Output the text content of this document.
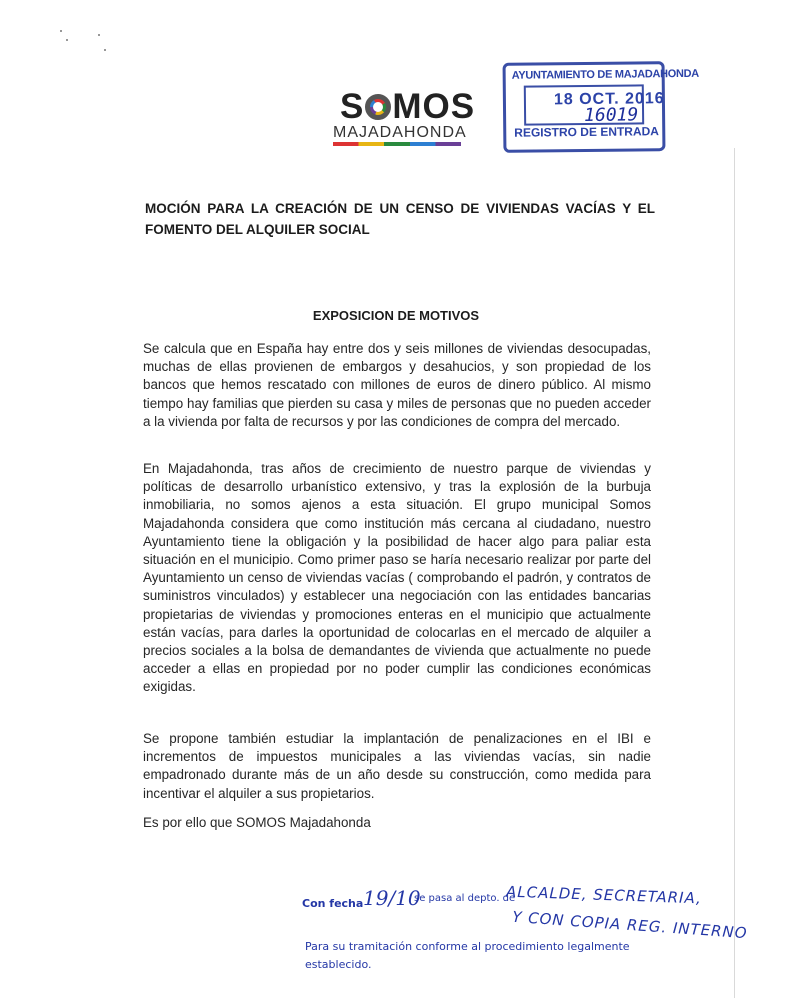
S MOS
MAJADAHONDA
AYUNTAMIENTO DE MAJADAHONDA
18 OCT. 2016
16019
REGISTRO DE ENTRADA
MOCIÓN PARA LA CREACIÓN DE UN CENSO DE VIVIENDAS VACÍAS Y EL FOMENTO DEL ALQUILER SOCIAL
EXPOSICION DE MOTIVOS

Se calcula que en España hay entre dos y seis millones de viviendas desocupadas, muchas de ellas provienen de embargos y desahucios, y son propiedad de los bancos que hemos rescatado con millones de euros de dinero público. Al mismo tiempo hay familias que pierden su casa y miles de personas que no pueden acceder a la vivienda por falta de recursos y por las condiciones de compra del mercado.

En Majadahonda, tras años de crecimiento de nuestro parque de viviendas y políticas de desarrollo urbanístico extensivo, y tras la explosión de la burbuja inmobiliaria, no somos ajenos a esta situación. El grupo municipal Somos Majadahonda considera que como institución más cercana al ciudadano, nuestro Ayuntamiento tiene la obligación y la posibilidad de hacer algo para paliar esta situación en el municipio. Como primer paso se haría necesario realizar por parte del Ayuntamiento un censo de viviendas vacías ( comprobando el padrón, y contratos de suministros vinculados) y establecer una negociación con las entidades bancarias propietarias de viviendas y promociones enteras en el municipio que actualmente están vacías, para darles la oportunidad de colocarlas en el mercado de alquiler a precios sociales a la bolsa de demandantes de vivienda que actualmente no puede acceder a ellas en propiedad por no poder cumplir las condiciones económicas exigidas.

Se propone también estudiar la implantación de penalizaciones en el IBI e incrementos de impuestos municipales a las viviendas vacías, sin nadie empadronado durante más de un año desde su construcción, como medida para incentivar el alquiler a sus propietarios.

Es por ello que SOMOS Majadahonda

Con fecha 19/10
se pasa al depto. de
ALCALDE, SECRETARIA,
Y CON COPIA REG. INTERNO
Para su tramitación conforme al procedimiento legalmente
establecido.
